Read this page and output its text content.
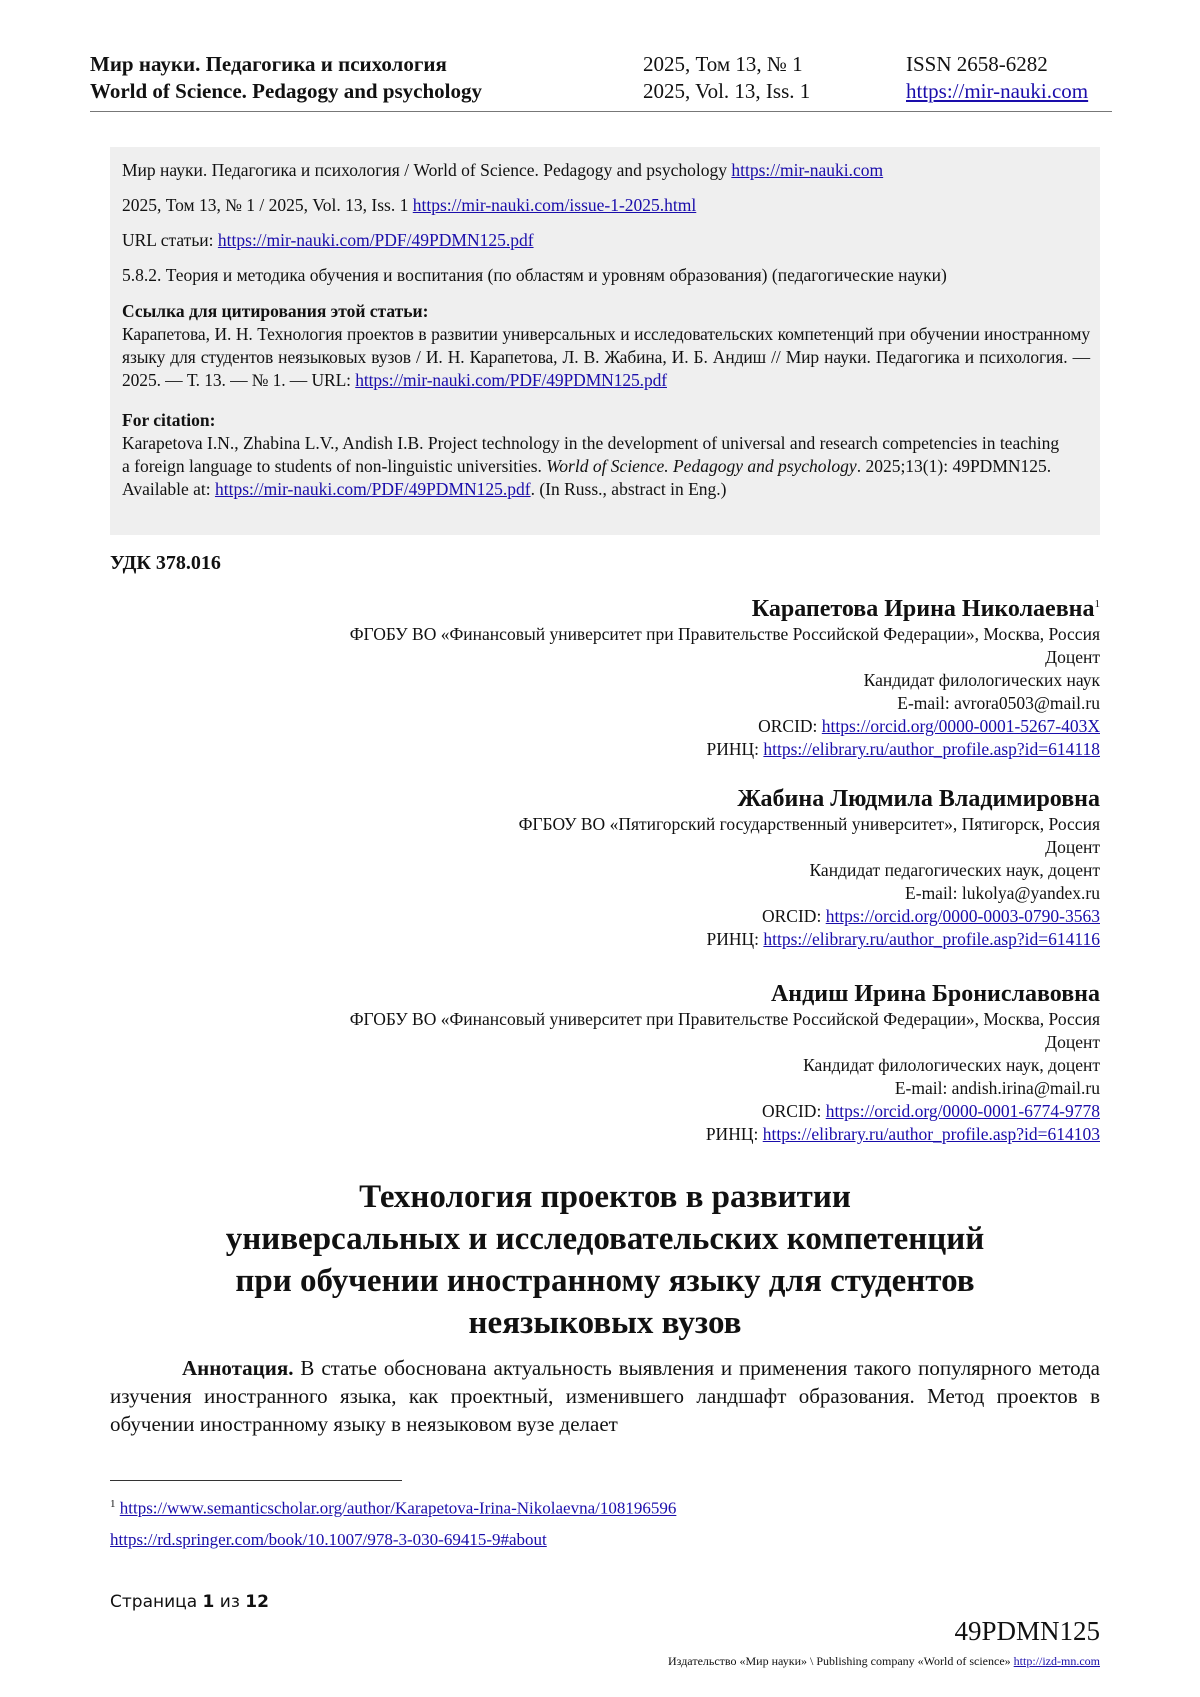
Мир науки. Педагогика и психология
World of Science. Pedagogy and psychology
2025, Том 13, № 1
2025, Vol. 13, Iss. 1
ISSN 2658-6282
https://mir-nauki.com
Мир науки. Педагогика и психология / World of Science. Pedagogy and psychology https://mir-nauki.com
2025, Том 13, № 1 / 2025, Vol. 13, Iss. 1 https://mir-nauki.com/issue-1-2025.html
URL статьи: https://mir-nauki.com/PDF/49PDMN125.pdf
5.8.2. Теория и методика обучения и воспитания (по областям и уровням образования) (педагогические науки)
Ссылка для цитирования этой статьи:
Карапетова, И. Н. Технология проектов в развитии универсальных и исследовательских компетенций при обучении иностранному языку для студентов неязыковых вузов / И. Н. Карапетова, Л. В. Жабина, И. Б. Андиш // Мир науки. Педагогика и психология. — 2025. — Т. 13. — № 1. — URL: https://mir-nauki.com/PDF/49PDMN125.pdf
For citation:
Karapetova I.N., Zhabina L.V., Andish I.B. Project technology in the development of universal and research competencies in teaching a foreign language to students of non-linguistic universities. World of Science. Pedagogy and psychology. 2025;13(1): 49PDMN125. Available at: https://mir-nauki.com/PDF/49PDMN125.pdf. (In Russ., abstract in Eng.)
УДК 378.016
Карапетова Ирина Николаевна$^1$
ФГОБУ ВО «Финансовый университет при Правительстве Российской Федерации», Москва, Россия
Доцент
Кандидат филологических наук
E-mail: avrora0503@mail.ru
ORCID: https://orcid.org/0000-0001-5267-403X
РИНЦ: https://elibrary.ru/author_profile.asp?id=614118
Жабина Людмила Владимировна
ФГБОУ ВО «Пятигорский государственный университет», Пятигорск, Россия
Доцент
Кандидат педагогических наук, доцент
E-mail: lukolya@yandex.ru
ORCID: https://orcid.org/0000-0003-0790-3563
РИНЦ: https://elibrary.ru/author_profile.asp?id=614116
Андиш Ирина Брониславовна
ФГОБУ ВО «Финансовый университет при Правительстве Российской Федерации», Москва, Россия
Доцент
Кандидат филологических наук, доцент
E-mail: andish.irina@mail.ru
ORCID: https://orcid.org/0000-0001-6774-9778
РИНЦ: https://elibrary.ru/author_profile.asp?id=614103
Технология проектов в развитии
универсальных и исследовательских компетенций
при обучении иностранному языку для студентов
неязыковых вузов
Аннотация. В статье обоснована актуальность выявления и применения такого популярного метода изучения иностранного языка, как проектный, изменившего ландшафт образования. Метод проектов в обучении иностранному языку в неязыковом вузе делает
$^1$ https://www.semanticscholar.org/author/Karapetova-Irina-Nikolaevna/108196596
https://rd.springer.com/book/10.1007/978-3-030-69415-9#about
Страница 1 из 12
49PDMN125
Издательство «Мир науки» \ Publishing company «World of science» http://izd-mn.com
